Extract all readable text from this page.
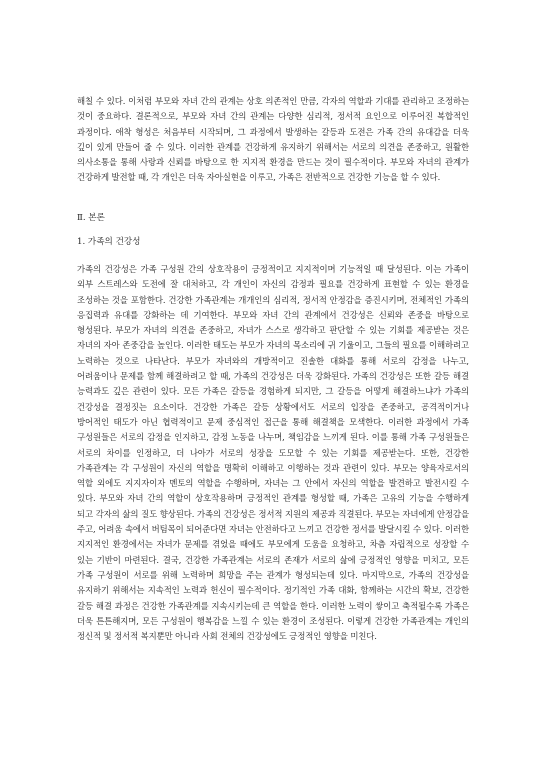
해칠 수 있다. 이처럼 부모와 자녀 간의 관계는 상호 의존적인 만큼, 각자의 역할과 기대를 관리하고 조정하는 것이 중요하다. 결론적으로, 부모와 자녀 간의 관계는 다양한 심리적, 정서적 요인으로 이루어진 복합적인 과정이다. 애착 형성은 처음부터 시작되며, 그 과정에서 발생하는 갈등과 도전은 가족 간의 유대감을 더욱 깊이 있게 만들어 줄 수 있다. 이러한 관계를 건강하게 유지하기 위해서는 서로의 의견을 존중하고, 원활한 의사소통을 통해 사랑과 신뢰를 바탕으로 한 지지적 환경을 만드는 것이 필수적이다. 부모와 자녀의 관계가 건강하게 발전할 때, 각 개인은 더욱 자아실현을 이루고, 가족은 전반적으로 건강한 기능을 할 수 있다.

Ⅱ. 본론

1. 가족의 건강성

가족의 건강성은 가족 구성원 간의 상호작용이 긍정적이고 지지적이며 기능적일 때 달성된다. 이는 가족이 외부 스트레스와 도전에 잘 대처하고, 각 개인이 자신의 감정과 필요를 건강하게 표현할 수 있는 환경을 조성하는 것을 포함한다. 건강한 가족관계는 개개인의 심리적, 정서적 안정감을 증진시키며, 전체적인 가족의 응집력과 유대를 강화하는 데 기여한다. 부모와 자녀 간의 관계에서 건강성은 신뢰와 존중을 바탕으로 형성된다. 부모가 자녀의 의견을 존중하고, 자녀가 스스로 생각하고 판단할 수 있는 기회를 제공받는 것은 자녀의 자아 존중감을 높인다. 이러한 태도는 부모가 자녀의 목소리에 귀 기울이고, 그들의 필요를 이해하려고 노력하는 것으로 나타난다. 부모가 자녀와의 개방적이고 진솔한 대화를 통해 서로의 감정을 나누고, 어려움이나 문제를 함께 해결하려고 할 때, 가족의 건강성은 더욱 강화된다. 가족의 건강성은 또한 갈등 해결 능력과도 깊은 관련이 있다. 모든 가족은 갈등을 경험하게 되지만, 그 갈등을 어떻게 해결하느냐가 가족의 건강성을 결정짓는 요소이다. 건강한 가족은 갈등 상황에서도 서로의 입장을 존중하고, 공격적이거나 방어적인 태도가 아닌 협력적이고 문제 중심적인 접근을 통해 해결책을 모색한다. 이러한 과정에서 가족 구성원들은 서로의 감정을 인지하고, 감정 노동을 나누며, 책임감을 느끼게 된다. 이를 통해 가족 구성원들은 서로의 차이를 인정하고, 더 나아가 서로의 성장을 도모할 수 있는 기회를 제공받는다. 또한, 건강한 가족관계는 각 구성원이 자신의 역할을 명확히 이해하고 이행하는 것과 관련이 있다. 부모는 양육자로서의 역할 외에도 지지자이자 멘토의 역할을 수행하며, 자녀는 그 안에서 자신의 역할을 발견하고 발전시킬 수 있다. 부모와 자녀 간의 역할이 상호작용하며 긍정적인 관계를 형성할 때, 가족은 고유의 기능을 수행하게 되고 각자의 삶의 질도 향상된다. 가족의 건강성은 정서적 지원의 제공과 직결된다. 부모는 자녀에게 안정감을 주고, 어려움 속에서 버팀목이 되어준다면 자녀는 안전하다고 느끼고 건강한 정서를 발달시킬 수 있다. 이러한 지지적인 환경에서는 자녀가 문제를 겪었을 때에도 부모에게 도움을 요청하고, 차츰 자립적으로 성장할 수 있는 기반이 마련된다. 결국, 건강한 가족관계는 서로의 존재가 서로의 삶에 긍정적인 영향을 미치고, 모든 가족 구성원이 서로를 위해 노력하며 희망을 주는 관계가 형성되는데 있다. 마지막으로, 가족의 건강성을 유지하기 위해서는 지속적인 노력과 헌신이 필수적이다. 정기적인 가족 대화, 함께하는 시간의 확보, 건강한 갈등 해결 과정은 건강한 가족관계를 지속시키는데 큰 역할을 한다. 이러한 노력이 쌓이고 축적될수록 가족은 더욱 튼튼해지며, 모든 구성원이 행복감을 느낄 수 있는 환경이 조성된다. 이렇게 건강한 가족관계는 개인의 정신적 및 정서적 복지뿐만 아니라 사회 전체의 건강성에도 긍정적인 영향을 미친다.
